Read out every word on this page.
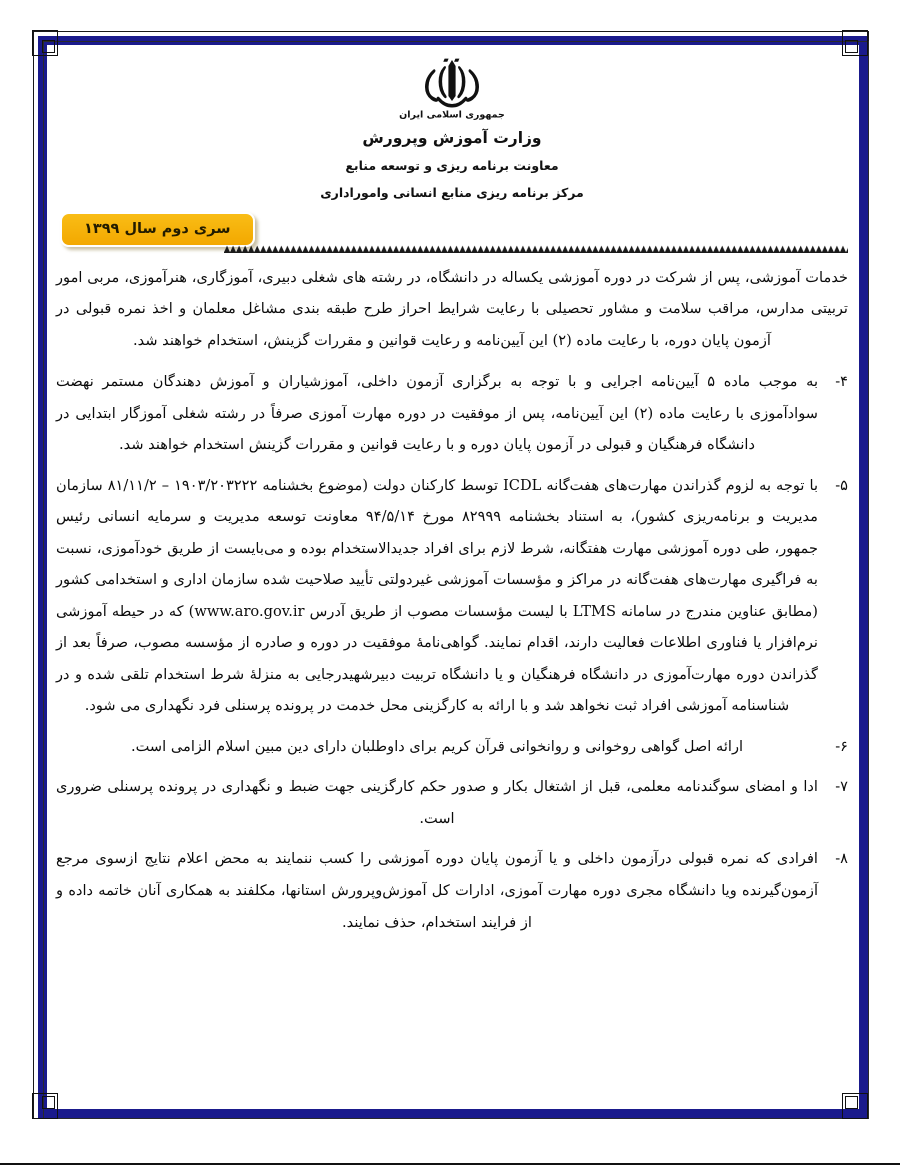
جمهوری اسلامی ایران
وزارت آموزش وپرورش
معاونت برنامه ریزی و توسعه منابع
مرکز برنامه ریزی منابع انسانی واموراداری
سری دوم سال ۱۳۹۹

خدمات آموزشی، پس از شرکت در دوره آموزشی یکساله در دانشگاه، در رشته های شغلی دبیری، آموزگاری، هنرآموزی، مربی امور تربیتی مدارس، مراقب سلامت و مشاور تحصیلی با رعایت شرایط احراز طرح طبقه بندی مشاغل معلمان و اخذ نمره قبولی در آزمون پایان دوره، با رعایت ماده (۲) این آیین‌نامه و رعایت قوانین و مقررات گزینش، استخدام خواهند شد.

۴-
به موجب ماده ۵ آیین‌نامه اجرایی و با توجه به برگزاری آزمون داخلی، آموزشیاران و آموزش دهندگان مستمر نهضت سوادآموزی با رعایت ماده (۲) این آیین‌نامه، پس از موفقیت در دوره مهارت آموزی صرفاً در رشته شغلی آموزگار ابتدایی در دانشگاه فرهنگیان و قبولی در آزمون پایان دوره و با رعایت قوانین و مقررات گزینش استخدام خواهند شد.
۵-
با توجه به لزوم گذراندن مهارت‌های هفت‌گانه ICDL توسط کارکنان دولت (موضوع بخشنامه ۱۹۰۳/۲۰۳۲۲۲ – ۸۱/۱۱/۲ سازمان مدیریت و برنامه‌ریزی کشور)، به استناد بخشنامه ۸۲۹۹۹ مورخ ۹۴/۵/۱۴ معاونت توسعه مدیریت و سرمایه انسانی رئیس جمهور، طی دوره آموزشی مهارت هفتگانه، شرط لازم برای افراد جدیدالاستخدام بوده و می‌بایست از طریق خودآموزی، نسبت به فراگیری مهارت‌های هفت‌گانه در مراکز و مؤسسات آموزشی غیردولتی تأیید صلاحیت شده سازمان اداری و استخدامی کشور (مطابق عناوین مندرج در سامانه LTMS با لیست مؤسسات مصوب از طریق آدرس www.aro.gov.ir) که در حیطه آموزشی نرم‌افزار یا فناوری اطلاعات فعالیت دارند، اقدام نمایند. گواهی‌نامهٔ موفقیت در دوره و صادره از مؤسسه مصوب، صرفاً بعد از گذراندن دوره مهارت‌آموزی در دانشگاه فرهنگیان و یا دانشگاه تربیت دبیرشهیدرجایی به منزلهٔ شرط استخدام تلقی شده و در شناسنامه آموزشی افراد ثبت نخواهد شد و با ارائه به کارگزینی محل خدمت در پرونده پرسنلی فرد نگهداری می شود.
۶-
ارائه اصل گواهی روخوانی و روانخوانی قرآن کریم برای داوطلبان دارای دین مبین اسلام الزامی است.
۷-
ادا و امضای سوگندنامه معلمی، قبل از اشتغال بکار و صدور حکم کارگزینی جهت ضبط و نگهداری در پرونده پرسنلی ضروری است.
۸-
افرادی که نمره قبولی درآزمون داخلی و یا آزمون پایان دوره آموزشی را کسب ننمایند به محض اعلام نتایج ازسوی مرجع آزمون‌گیرنده ویا دانشگاه مجری دوره مهارت آموزی، ادارات کل آموزش‌وپرورش استانها، مکلفند به همکاری آنان خاتمه داده و از فرایند استخدام، حذف نمایند.
